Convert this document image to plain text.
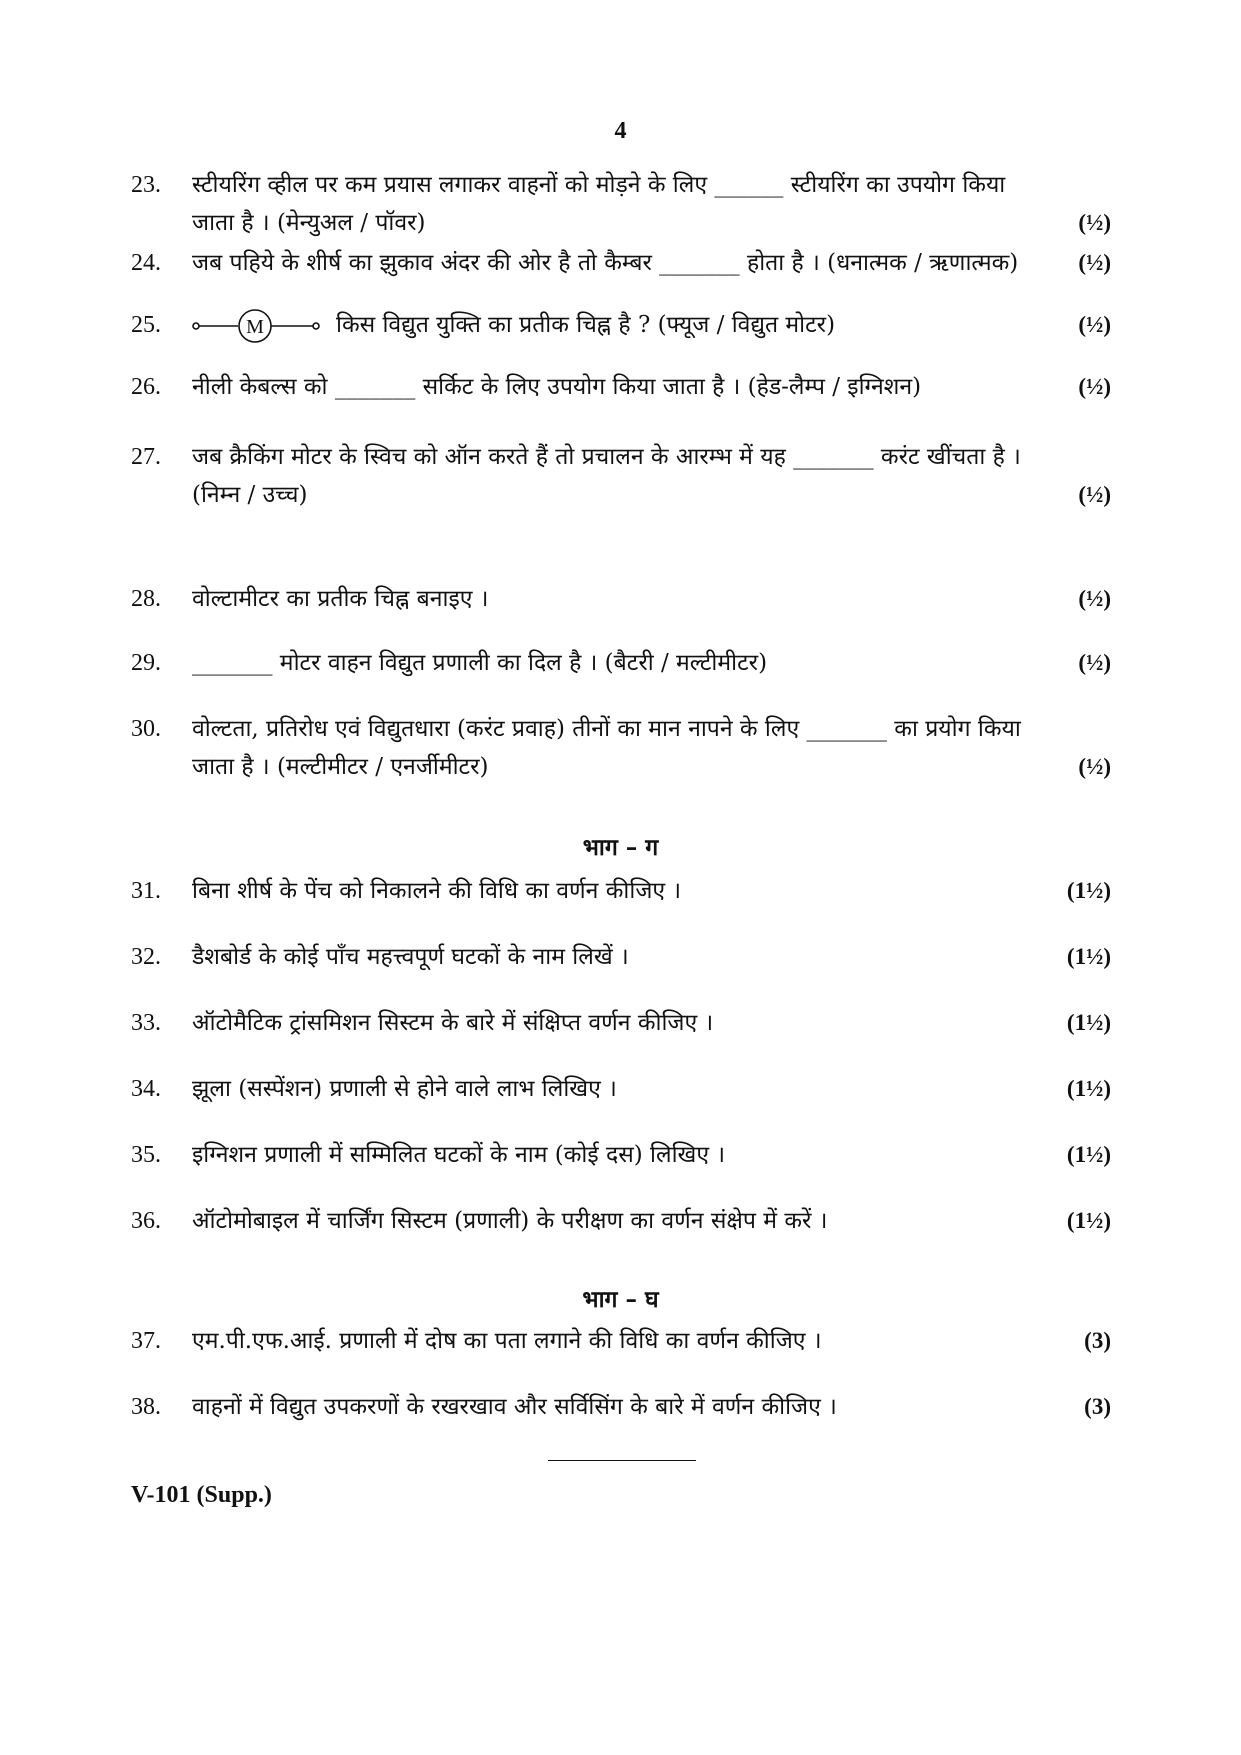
4
23. स्टीयरिंग व्हील पर कम प्रयास लगाकर वाहनों को मोड़ने के लिए ______ स्टीयरिंग का उपयोग किया जाता है । (मेन्युअल / पॉवर)	(½)
24. जब पहिये के शीर्ष का झुकाव अंदर की ओर है तो कैम्बर _______ होता है । (धनात्मक / ऋणात्मक)	(½)
25.	M	किस विद्युत युक्ति का प्रतीक चिह्न है ? (फ्यूज / विद्युत मोटर)	(½)
26. नीली केबल्स को _______ सर्किट के लिए उपयोग किया जाता है । (हेड-लैम्प / इग्निशन)	(½)
27. जब क्रैकिंग मोटर के स्विच को ऑन करते हैं तो प्रचालन के आरम्भ में यह _______ करंट खींचता है । (निम्न / उच्च)	(½)
28. वोल्टामीटर का प्रतीक चिह्न बनाइए ।	(½)
29. _______ मोटर वाहन विद्युत प्रणाली का दिल है । (बैटरी / मल्टीमीटर)	(½)
30. वोल्टता, प्रतिरोध एवं विद्युतधारा (करंट प्रवाह) तीनों का मान नापने के लिए _______ का प्रयोग किया जाता है । (मल्टीमीटर / एनर्जीमीटर)	(½)
भाग – ग
31. बिना शीर्ष के पेंच को निकालने की विधि का वर्णन कीजिए ।	(1½)
32. डैशबोर्ड के कोई पाँच महत्त्वपूर्ण घटकों के नाम लिखें ।	(1½)
33. ऑटोमैटिक ट्रांसमिशन सिस्टम के बारे में संक्षिप्त वर्णन कीजिए ।	(1½)
34. झूला (सस्पेंशन) प्रणाली से होने वाले लाभ लिखिए ।	(1½)
35. इग्निशन प्रणाली में सम्मिलित घटकों के नाम (कोई दस) लिखिए ।	(1½)
36. ऑटोमोबाइल में चार्जिंग सिस्टम (प्रणाली) के परीक्षण का वर्णन संक्षेप में करें ।	(1½)
भाग – घ
37. एम.पी.एफ.आई. प्रणाली में दोष का पता लगाने की विधि का वर्णन कीजिए ।	(3)
38. वाहनों में विद्युत उपकरणों के रखरखाव और सर्विसिंग के बारे में वर्णन कीजिए ।	(3)
V-101 (Supp.)
